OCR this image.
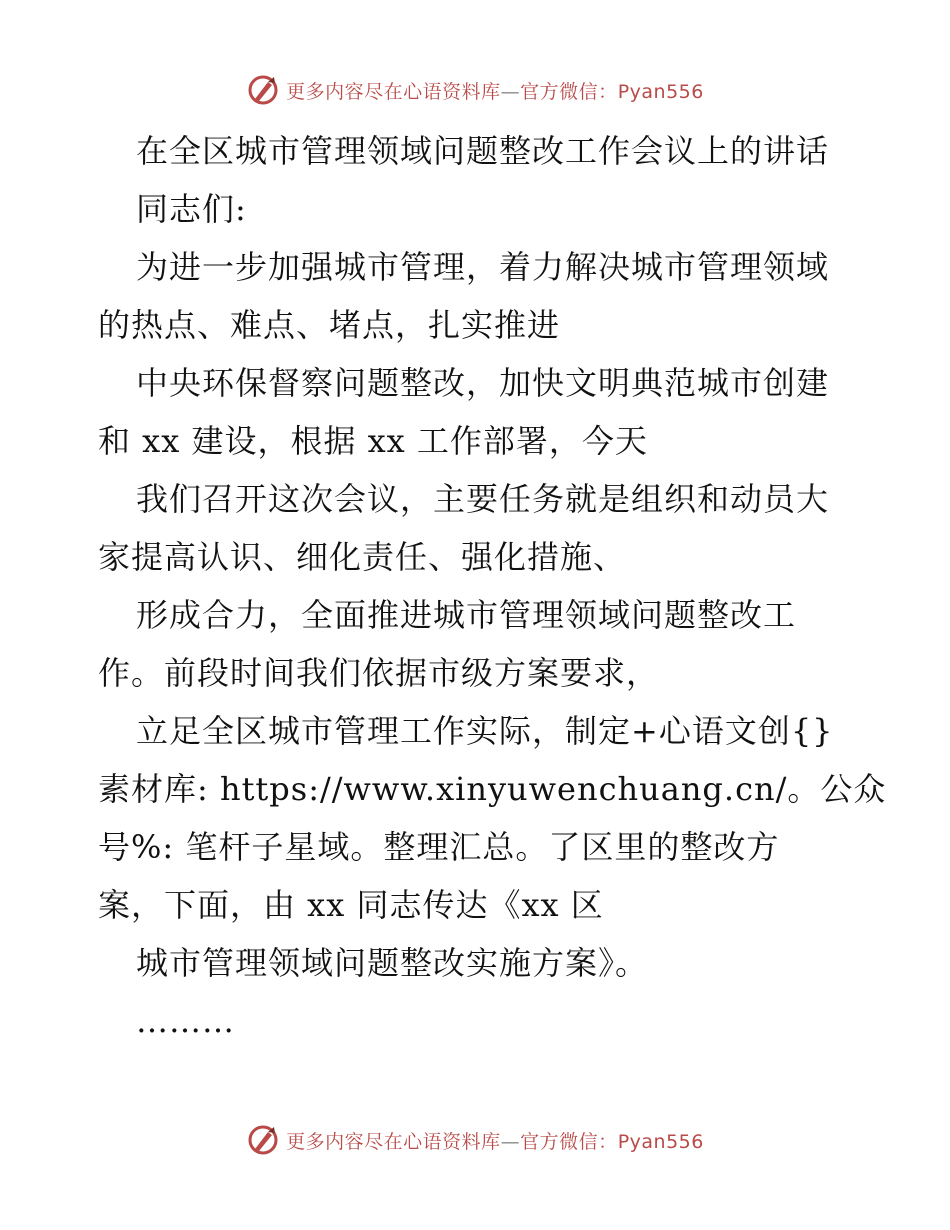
更多内容尽在心语资料库—官方微信：Pyan556
在全区城市管理领域问题整改工作会议上的讲话
同志们:
为进一步加强城市管理，着力解决城市管理领域
的热点、难点、堵点，扎实推进
中央环保督察问题整改，加快文明典范城市创建
和 xx 建设，根据 xx 工作部署，今天
我们召开这次会议，主要任务就是组织和动员大
家提高认识、细化责任、强化措施、
形成合力，全面推进城市管理领域问题整改工
作。前段时间我们依据市级方案要求，
立足全区城市管理工作实际，制定+心语文创{}
素材库: https://www.xinyuwenchuang.cn/。公众
号%: 笔杆子星域。整理汇总。了区里的整改方
案，下面，由 xx 同志传达《xx 区
城市管理领域问题整改实施方案》。
………
更多内容尽在心语资料库—官方微信：Pyan556
